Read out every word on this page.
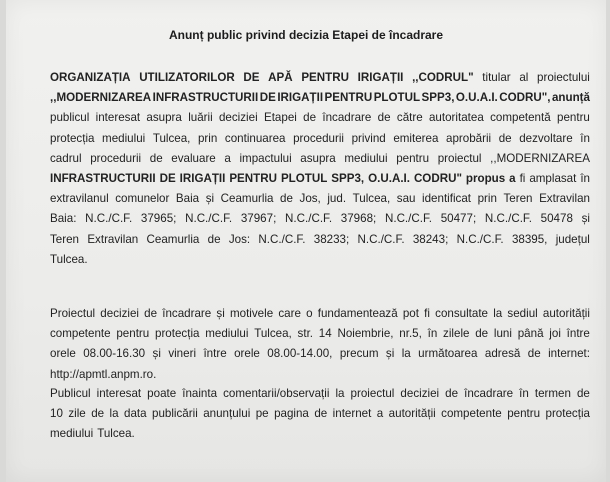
Anunț public privind decizia Etapei de încadrare
ORGANIZAȚIA UTILIZATORILOR DE APĂ PENTRU IRIGAȚII ,,CODRUL" titular al proiectului
,,MODERNIZAREA INFRASTRUCTURII DE IRIGAȚII PENTRU PLOTUL SPP3, O.U.A.I. CODRU", anunță
publicul interesat asupra luării deciziei Etapei de încadrare de către autoritatea competentă pentru
protecția mediului Tulcea, prin continuarea procedurii privind emiterea aprobării de dezvoltare în
cadrul procedurii de evaluare a impactului asupra mediului pentru proiectul ,,MODERNIZAREA
INFRASTRUCTURII DE IRIGAȚII PENTRU PLOTUL SPP3, O.U.A.I. CODRU" propus a fi amplasat în
extravilanul comunelor Baia și Ceamurlia de Jos, jud. Tulcea, sau identificat prin Teren Extravilan
Baia: N.C./C.F. 37965; N.C./C.F. 37967; N.C./C.F. 37968; N.C./C.F. 50477; N.C./C.F. 50478 și
Teren Extravilan Ceamurlia de Jos: N.C./C.F. 38233; N.C./C.F. 38243; N.C./C.F. 38395, județul
Tulcea.
Proiectul deciziei de încadrare și motivele care o fundamentează pot fi consultate la sediul autorității
competente pentru protecția mediului Tulcea, str. 14 Noiembrie, nr.5, în zilele de luni până joi între
orele 08.00-16.30 și vineri între orele 08.00-14.00, precum și la următoarea adresă de internet:
http://apmtl.anpm.ro.
Publicul interesat poate înainta comentarii/observații la proiectul deciziei de încadrare în termen de
10 zile de la data publicării anunțului pe pagina de internet a autorității competente pentru protecția
mediului Tulcea.
